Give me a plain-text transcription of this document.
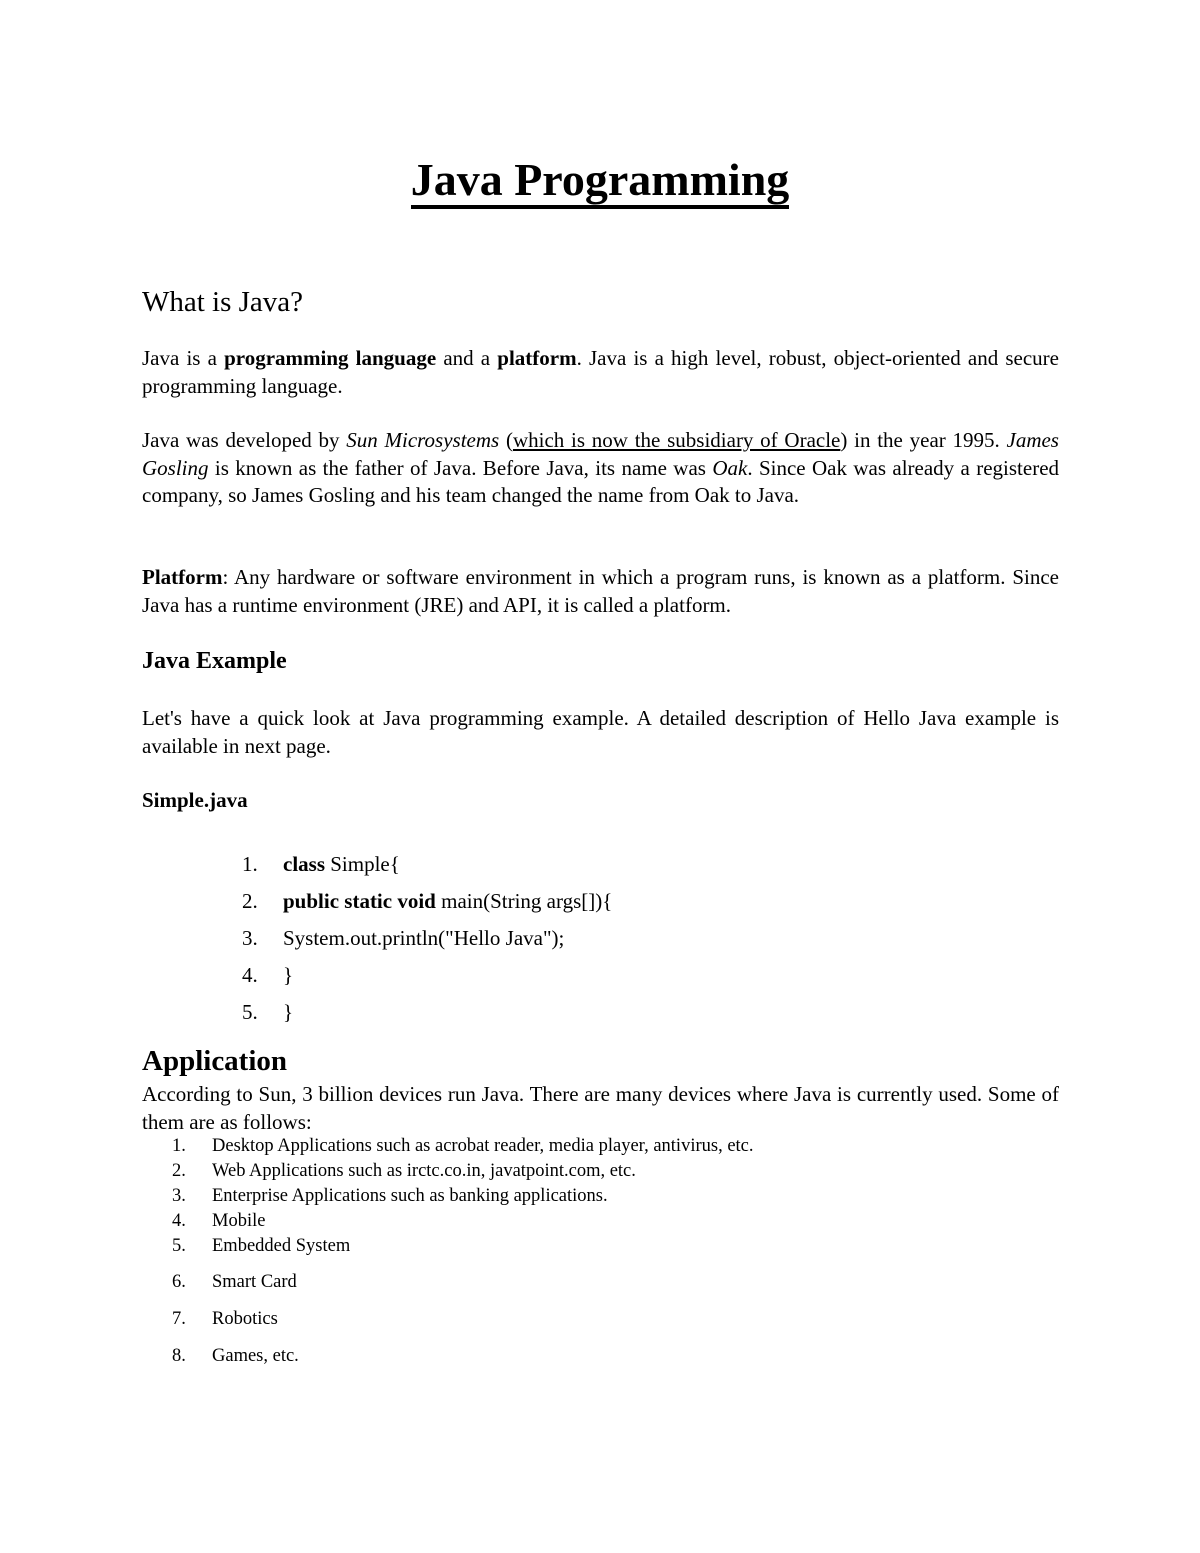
Java Programming
What is Java?
Java is a programming language and a platform. Java is a high level, robust, object-oriented and secure programming language.
Java was developed by Sun Microsystems (which is now the subsidiary of Oracle) in the year 1995. James Gosling is known as the father of Java. Before Java, its name was Oak. Since Oak was already a registered company, so James Gosling and his team changed the name from Oak to Java.
Platform: Any hardware or software environment in which a program runs, is known as a platform. Since Java has a runtime environment (JRE) and API, it is called a platform.
Java Example
Let's have a quick look at Java programming example. A detailed description of Hello Java example is available in next page.
Simple.java
1.	class Simple{
2.	public static void main(String args[]){
3.	System.out.println("Hello Java");
4.	}
5.	}
Application
According to Sun, 3 billion devices run Java. There are many devices where Java is currently used. Some of them are as follows:
1.	Desktop Applications such as acrobat reader, media player, antivirus, etc.
2.	Web Applications such as irctc.co.in, javatpoint.com, etc.
3.	Enterprise Applications such as banking applications.
4.	Mobile
5.	Embedded System
6.	Smart Card
7.	Robotics
8.	Games, etc.
